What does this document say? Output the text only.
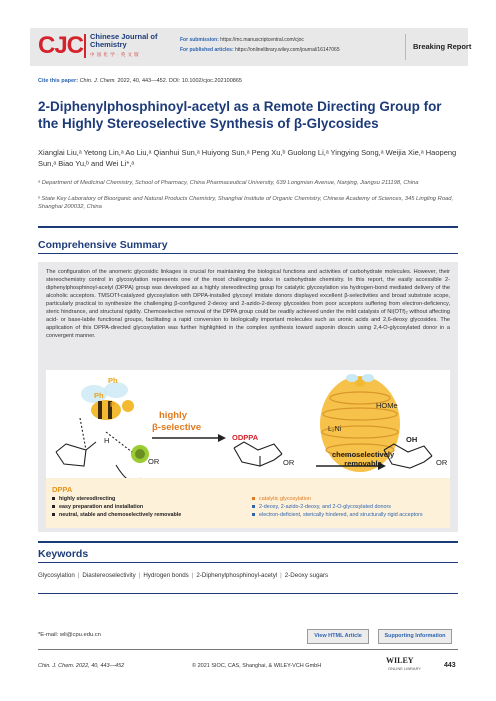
CJC Chinese Journal of Chemistry
中 国 化 学 · 英 文 版
For submission: https://mc.manuscriptcentral.com/cjoc
For published articles: https://onlinelibrary.wiley.com/journal/16147065	Breaking Report
Cite this paper: Chin. J. Chem. 2022, 40, 443—452. DOI: 10.1002/cjoc.202100865
2-Diphenylphosphinoyl-acetyl as a Remote Directing Group for the Highly Stereoselective Synthesis of β-Glycosides
Xianglai Liu,ᵃ Yetong Lin,ᵃ Ao Liu,ᵃ Qianhui Sun,ᵃ Huiyong Sun,ᵃ Peng Xu,ᵇ Guolong Li,ᵃ Yingying Song,ᵃ Weijia Xie,ᵃ Haopeng Sun,ᵃ Biao Yu,ᵇ and Wei Li*,ᵃ
ᵃ Department of Medicinal Chemistry, School of Pharmacy, China Pharmaceutical University, 639 Longmian Avenue, Nanjing, Jiangsu 211198, China
ᵇ State Key Laboratory of Bioorganic and Natural Products Chemistry, Shanghai Institute of Organic Chemistry, Chinese Academy of Sciences, 345 Lingling Road, Shanghai 200032, China
Comprehensive Summary
The configuration of the anomeric glycosidic linkages is crucial for maintaining the biological functions and activities of carbohydrate molecules. However, their stereochemistry control in glycosylation represents one of the most challenging tasks in carbohydrate chemistry. In this report, the easily accessible 2-diphenylphosphinoyl-acetyl (DPPA) group was developed as a highly stereodirecting group for catalytic glycosylation via hydrogen-bond mediated delivery of the alcoholic acceptors. TMSOTf-catalyzed glycosylation with DPPA-installed glycosyl imidate donors displayed excellent β-selectivities and broad substrate scope, particularly practical to synthesize the challenging β-configured 2-deoxy and 2-azido-2-deoxy glycosides from poor acceptors suffering from electron-deficiency, steric hindrance, and structural rigidity. Chemoselective removal of the DPPA group could be readily achieved under the mild catalysis of Ni(OTf)₂ without affecting acid- or base-labile functional groups, facilitating a rapid conversion to biologically important molecules such as uronic acids and 2,6-deoxy glycosides. The application of this DPPA-directed glycosylation was further highlighted in the complex synthesis toward saponin dioscin using 2,4-O-glycosylated donor in a convergent manner.
Ph
Ph
P
H
OR
highly
β-selective
ODPPA
OR
HOMe
L₂Ni
chemoselectively
removable
OH
OR
DPPA
highly stereodirecting
easy preparation and installation
neutral, stable and chemoselectively removable
catalytic glycosylation
2-deoxy, 2-azido-2-deoxy, and 2-O-glycosylated donors
electron-deficient, sterically hindered, and structurally rigid acceptors
Keywords
Glycosylation | Diastereoselectivity | Hydrogen bonds | 2-Diphenylphosphinoyl-acetyl | 2-Deoxy sugars
*E-mail: wli@cpu.edu.cn	View HTML Article	Supporting Information
Chin. J. Chem. 2022, 40, 443—452	© 2021 SIOC, CAS, Shanghai, & WILEY-VCH GmbH
WILEY
ONLINE LIBRARY	443
